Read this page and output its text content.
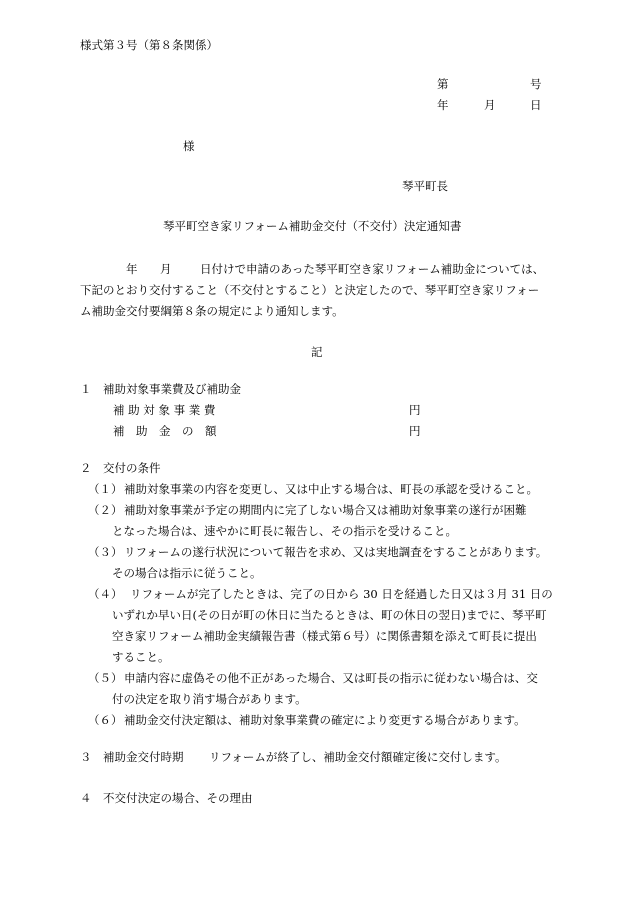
様式第３号（第８条関係）
第	号
年	月	日
様
琴平町長
琴平町空き家リフォーム補助金交付（不交付）決定通知書
年 月 日付けで申請のあった琴平町空き家リフォーム補助金については、
下記のとおり交付すること（不交付とすること）と決定したので、琴平町空き家リフォー
ム補助金交付要綱第８条の規定により通知します。
記
１　補助対象事業費及び補助金
補 助 対 象 事 業 費	円
補　助　金　の　額	円
２　交付の条件
（１） 補助対象事業の内容を変更し、又は中止する場合は、町長の承認を受けること。
（２） 補助対象事業が予定の期間内に完了しない場合又は補助対象事業の遂行が困難
となった場合は、速やかに町長に報告し、その指示を受けること。
（３） リフォームの遂行状況について報告を求め、又は実地調査をすることがあります。
その場合は指示に従うこと。
（４） リフォームが完了したときは、完了の日から 30 日を経過した日又は３月 31 日の
いずれか早い日(その日が町の休日に当たるときは、町の休日の翌日)までに、琴平町
空き家リフォーム補助金実績報告書（様式第６号）に関係書類を添えて町長に提出
すること。
（５） 申請内容に虚偽その他不正があった場合、又は町長の指示に従わない場合は、交
付の決定を取り消す場合があります。
（６） 補助金交付決定額は、補助対象事業費の確定により変更する場合があります。
３　補助金交付時期 リフォームが終了し、補助金交付額確定後に交付します。
４　不交付決定の場合、その理由
